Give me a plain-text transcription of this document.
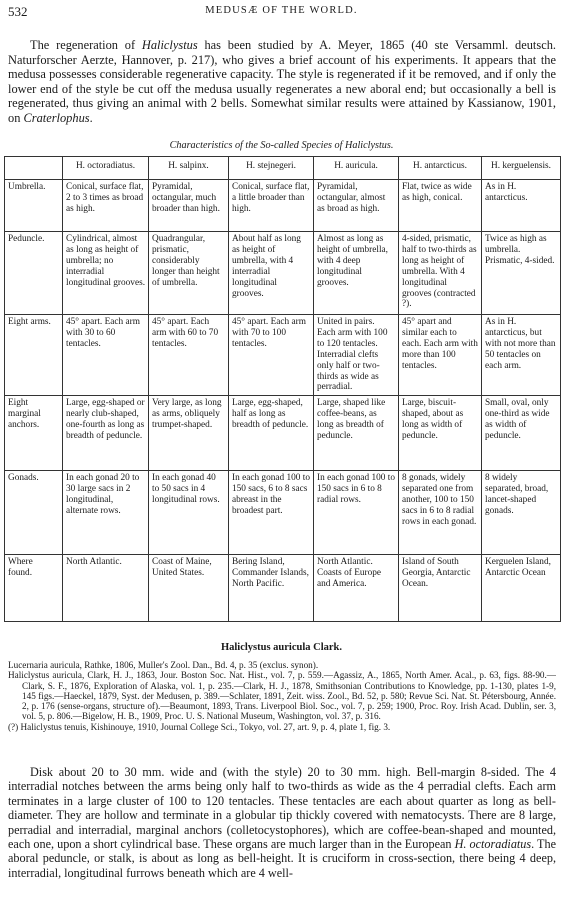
532	MEDUSÆ OF THE WORLD.

The regeneration of Haliclystus has been studied by A. Meyer, 1865 (40 ste Versamml. deutsch. Naturforscher Aerzte, Hannover, p. 217), who gives a brief account of his experiments. It appears that the medusa possesses considerable regenerative capacity. The style is regenerated if it be removed, and if only the lower end of the style be cut off the medusa usually regenerates a new aboral end; but occasionally a bell is regenerated, thus giving an animal with 2 bells. Somewhat similar results were attained by Kassianow, 1901, on Craterlophus.

Characteristics of the So-called Species of Haliclystus.
	H. octoradiatus.	H. salpinx.	H. stejnegeri.	H. auricula.	H. antarcticus.	H. kerguelensis.
Umbrella.	Conical, surface flat, 2 to 3 times as broad as high.	Pyramidal, octangular, much broader than high.	Conical, surface flat, a little broader than high.	Pyramidal, octangular, almost as broad as high.	Flat, twice as wide as high, conical.	As in H. antarcticus.
Peduncle.	Cylindrical, almost as long as height of umbrella; no interradial longitudinal grooves.	Quadrangular, prismatic, considerably longer than height of umbrella.	About half as long as height of umbrella, with 4 interradial longitudinal grooves.	Almost as long as height of umbrella, with 4 deep longitudinal grooves.	4-sided, prismatic, half to two-thirds as long as height of umbrella. With 4 longitudinal grooves (contracted ?).	Twice as high as umbrella. Prismatic, 4-sided.
Eight arms.	45° apart. Each arm with 30 to 60 tentacles.	45° apart. Each arm with 60 to 70 tentacles.	45° apart. Each arm with 70 to 100 tentacles.	United in pairs. Each arm with 100 to 120 tentacles. Interradial clefts only half or two-thirds as wide as perradial.	45° apart and similar each to each. Each arm with more than 100 tentacles.	As in H. antarcticus, but with not more than 50 tentacles on each arm.
Eight marginal anchors.	Large, egg-shaped or nearly club-shaped, one-fourth as long as breadth of peduncle.	Very large, as long as arms, obliquely trumpet-shaped.	Large, egg-shaped, half as long as breadth of peduncle.	Large, shaped like coffee-beans, as long as breadth of peduncle.	Large, biscuit-shaped, about as long as width of peduncle.	Small, oval, only one-third as wide as width of peduncle.
Gonads.	In each gonad 20 to 30 large sacs in 2 longitudinal, alternate rows.	In each gonad 40 to 50 sacs in 4 longitudinal rows.	In each gonad 100 to 150 sacs, 6 to 8 sacs abreast in the broadest part.	In each gonad 100 to 150 sacs in 6 to 8 radial rows.	8 gonads, widely separated one from another, 100 to 150 sacs in 6 to 8 radial rows in each gonad.	8 widely separated, broad, lancet-shaped gonads.
Where found.	North Atlantic.	Coast of Maine, United States.	Bering Island, Commander Islands, North Pacific.	North Atlantic. Coasts of Europe and America.	Island of South Georgia, Antarctic Ocean.	Kerguelen Island, Antarctic Ocean
Haliclystus auricula Clark.

Lucernaria auricula, Rathke, 1806, Muller's Zool. Dan., Bd. 4, p. 35 (exclus. synon).

Haliclystus auricula, Clark, H. J., 1863, Jour. Boston Soc. Nat. Hist., vol. 7, p. 559.—Agassiz, A., 1865, North Amer. Acal., p. 63, figs. 88-90.—Clark, S. F., 1876, Exploration of Alaska, vol. 1, p. 235.—Clark, H. J., 1878, Smithsonian Contributions to Knowledge, pp. 1-130, plates 1-9, 145 figs.—Haeckel, 1879, Syst. der Medusen, p. 389.—Schlater, 1891, Zeit. wiss. Zool., Bd. 52, p. 580; Revue Sci. Nat. St. Pétersbourg, Année. 2, p. 176 (sense-organs, structure of).—Beaumont, 1893, Trans. Liverpool Biol. Soc., vol. 7, p. 259; 1900, Proc. Roy. Irish Acad. Dublin, ser. 3, vol. 5, p. 806.—Bigelow, H. B., 1909, Proc. U. S. National Museum, Washington, vol. 37, p. 316.

(?) Haliclystus tenuis, Kishinouye, 1910, Journal College Sci., Tokyo, vol. 27, art. 9, p. 4, plate 1, fig. 3.

Disk about 20 to 30 mm. wide and (with the style) 20 to 30 mm. high. Bell-margin 8-sided. The 4 interradial notches between the arms being only half to two-thirds as wide as the 4 perradial clefts. Each arm terminates in a large cluster of 100 to 120 tentacles. These tentacles are each about quarter as long as bell-diameter. They are hollow and terminate in a globular tip thickly covered with nematocysts. There are 8 large, perradial and interradial, marginal anchors (colletocystophores), which are coffee-bean-shaped and mounted, each one, upon a short cylindrical base. These organs are much larger than in the European H. octoradiatus. The aboral peduncle, or stalk, is about as long as bell-height. It is cruciform in cross-section, there being 4 deep, interradial, longitudinal furrows beneath which are 4 well-
